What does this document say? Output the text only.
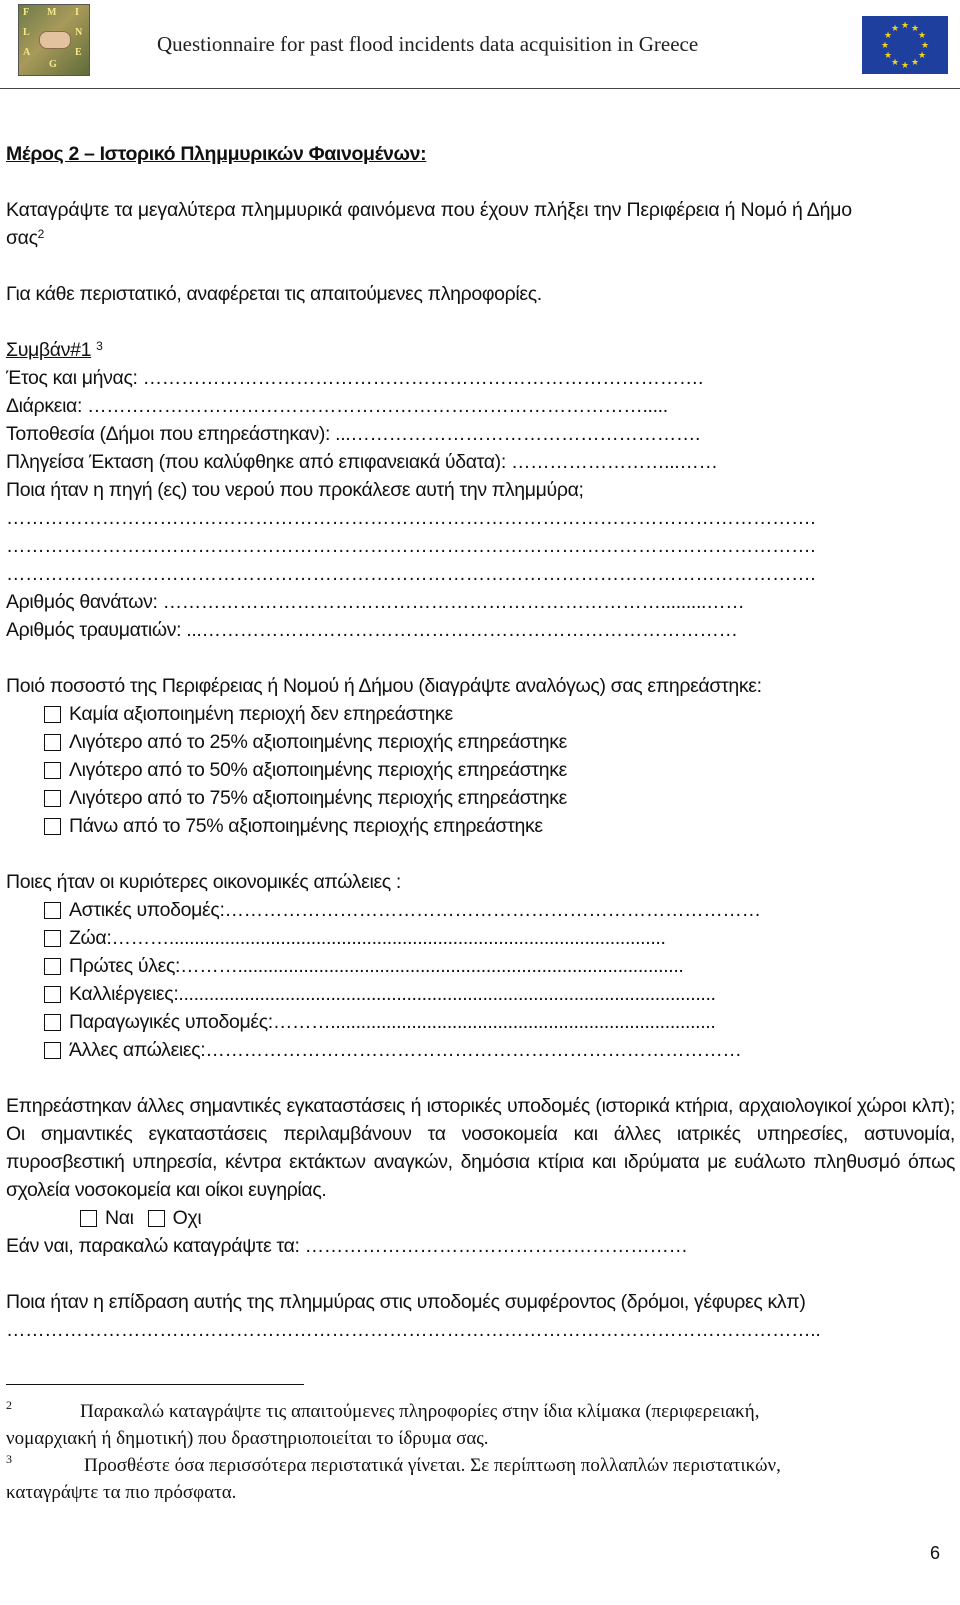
F
L
A
M I
N
E
G
Questionnaire for past flood incidents data acquisition in Greece
★ ★
★
★
★
★
★
★
★
★
★
★
Μέρος 2 – Ιστορικό Πλημμυρικών Φαινομένων:
Καταγράψτε τα μεγαλύτερα πλημμυρικά φαινόμενα που έχουν πλήξει την Περιφέρεια ή Νομό ή Δήμο
σας$^2$
Για κάθε περιστατικό, αναφέρεται τις απαιτούμενες πληροφορίες.
Συμβάν#1 $^3$
Έτος και μήνας: …………………………………………………………………………….
Διάρκεια: …………………………………………………………………………….....
Τοποθεσία (Δήμοι που επηρεάστηκαν): ...……………………………………………….
Πληγείσα Έκταση (που καλύφθηκε από επιφανειακά ύδατα): ……………………...……
Ποια ήταν η πηγή (ες) του νερού που προκάλεσε αυτή την πλημμύρα;
……………………………………………………………………………………………………………….
……………………………………………………………………………………………………………….
……………………………………………………………………………………………………………….
Αριθμός θανάτων: …………………………………………………………………….........……
Αριθμός τραυματιών: ...…………………………………………………………………………
Ποιό ποσοστό της Περιφέρειας ή Νομού ή Δήμου (διαγράψτε αναλόγως) σας επηρεάστηκε:
Καμία αξιοποιημένη περιοχή δεν επηρεάστηκε
Λιγότερο από το 25% αξιοποιημένης περιοχής επηρεάστηκε
Λιγότερο από το 50% αξιοποιημένης περιοχής επηρεάστηκε
Λιγότερο από το 75% αξιοποιημένης περιοχής επηρεάστηκε
Πάνω από το 75% αξιοποιημένης περιοχής επηρεάστηκε
Ποιες ήταν οι κυριότερες οικονομικές απώλειες :
Αστικές υποδομές: …………………………………………………………………………
Ζώα: ………..................................................................................................
Πρώτες ύλες: ………........................................................................................
Καλλιέργειες: ..........................................................................................................
Παραγωγικές υποδομές: ………............................................................................
Άλλες απώλειες: …………………………………………………………………………
Επηρεάστηκαν άλλες σημαντικές εγκαταστάσεις ή ιστορικές υποδομές (ιστορικά κτήρια, αρχαιολογικοί χώροι κλπ); Οι σημαντικές εγκαταστάσεις περιλαμβάνουν τα νοσοκομεία και άλλες ιατρικές υπηρεσίες, αστυνομία, πυροσβεστική υπηρεσία, κέντρα εκτάκτων αναγκών, δημόσια κτίρια και ιδρύματα με ευάλωτο πληθυσμό όπως σχολεία νοσοκομεία και οίκοι ευγηρίας.
Ναι Οχι
Εάν ναι, παρακαλώ καταγράψτε τα: ……………………………………………………
Ποια ήταν η επίδραση αυτής της πλημμύρας στις υποδομές συμφέροντος (δρόμοι, γέφυρες κλπ)
………………………………………………………………………………………………………………..
2	Παρακαλώ καταγράψτε τις απαιτούμενες πληροφορίες στην ίδια κλίμακα (περιφερειακή,
νομαρχιακή ή δημοτική) που δραστηριοποιείται το ίδρυμα σας.
3	Προσθέστε όσα περισσότερα περιστατικά γίνεται. Σε περίπτωση πολλαπλών περιστατικών,
καταγράψτε τα πιο πρόσφατα.
6
